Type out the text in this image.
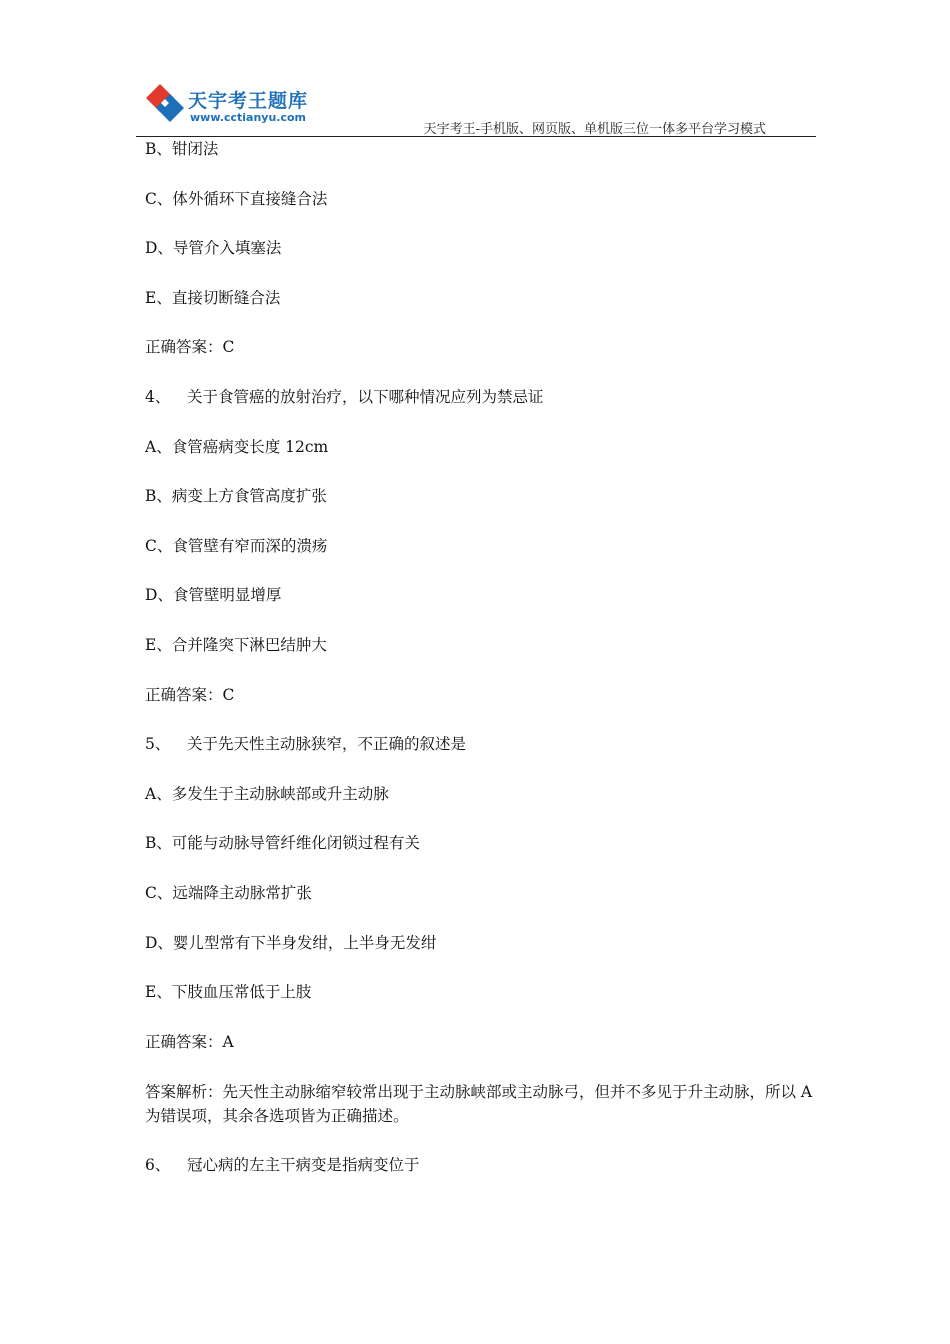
天宇考王题库
www.cctianyu.com
天宇考王-手机版、网页版、单机版三位一体多平台学习模式
B、钳闭法
C、体外循环下直接缝合法
D、导管介入填塞法
E、直接切断缝合法
正确答案：C
4、 关于食管癌的放射治疗，以下哪种情况应列为禁忌证
A、食管癌病变长度 12cm
B、病变上方食管高度扩张
C、食管壁有窄而深的溃疡
D、食管壁明显增厚
E、合并隆突下淋巴结肿大
正确答案：C
5、 关于先天性主动脉狭窄，不正确的叙述是
A、多发生于主动脉峡部或升主动脉
B、可能与动脉导管纤维化闭锁过程有关
C、远端降主动脉常扩张
D、婴儿型常有下半身发绀，上半身无发绀
E、下肢血压常低于上肢
正确答案：A
答案解析：先天性主动脉缩窄较常出现于主动脉峡部或主动脉弓，但并不多见于升主动脉，所以 A 为错误项，其余各选项皆为正确描述。
6、 冠心病的左主干病变是指病变位于
